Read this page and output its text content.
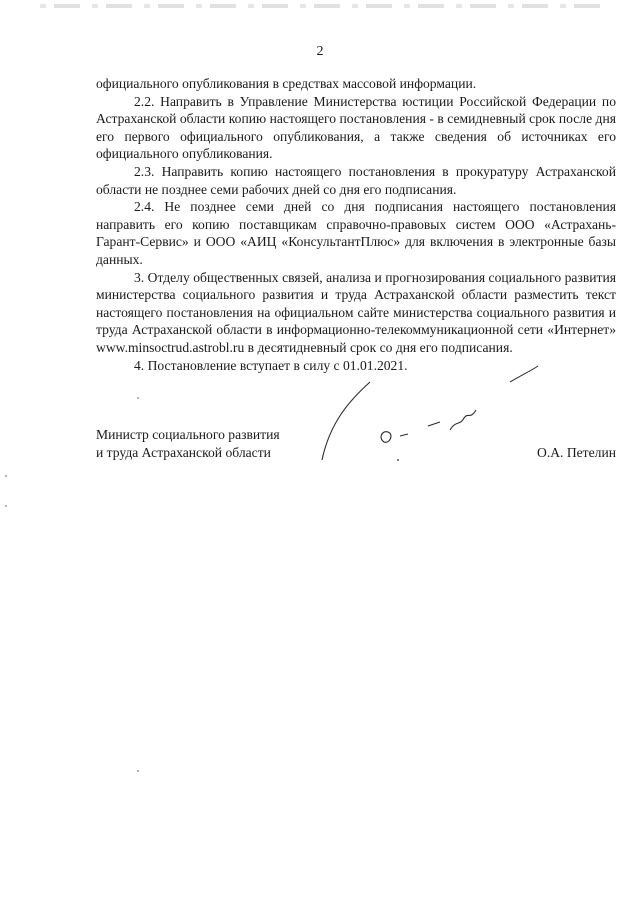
2

официального опубликования в средствах массовой информации.

2.2. Направить в Управление Министерства юстиции Российской Федерации по Астраханской области копию настоящего постановления - в семидневный срок после дня его первого официального опубликования, а также сведения об источниках его официального опубликования.

2.3. Направить копию настоящего постановления в прокуратуру Астраханской области не позднее семи рабочих дней со дня его подписания.

2.4. Не позднее семи дней со дня подписания настоящего постановления направить его копию поставщикам справочно-правовых систем ООО «Астрахань-Гарант-Сервис» и ООО «АИЦ «КонсультантПлюс» для включения в электронные базы данных.

3. Отделу общественных связей, анализа и прогнозирования социального развития министерства социального развития и труда Астраханской области разместить текст настоящего постановления на официальном сайте министерства социального развития и труда Астраханской области в информационно-телекоммуникационной сети «Интернет» www.minsoctrud.astrobl.ru в десятидневный срок со дня его подписания.

4. Постановление вступает в силу с 01.01.2021.

Министр социального развития
и труда Астраханской области	О.А. Петелин
